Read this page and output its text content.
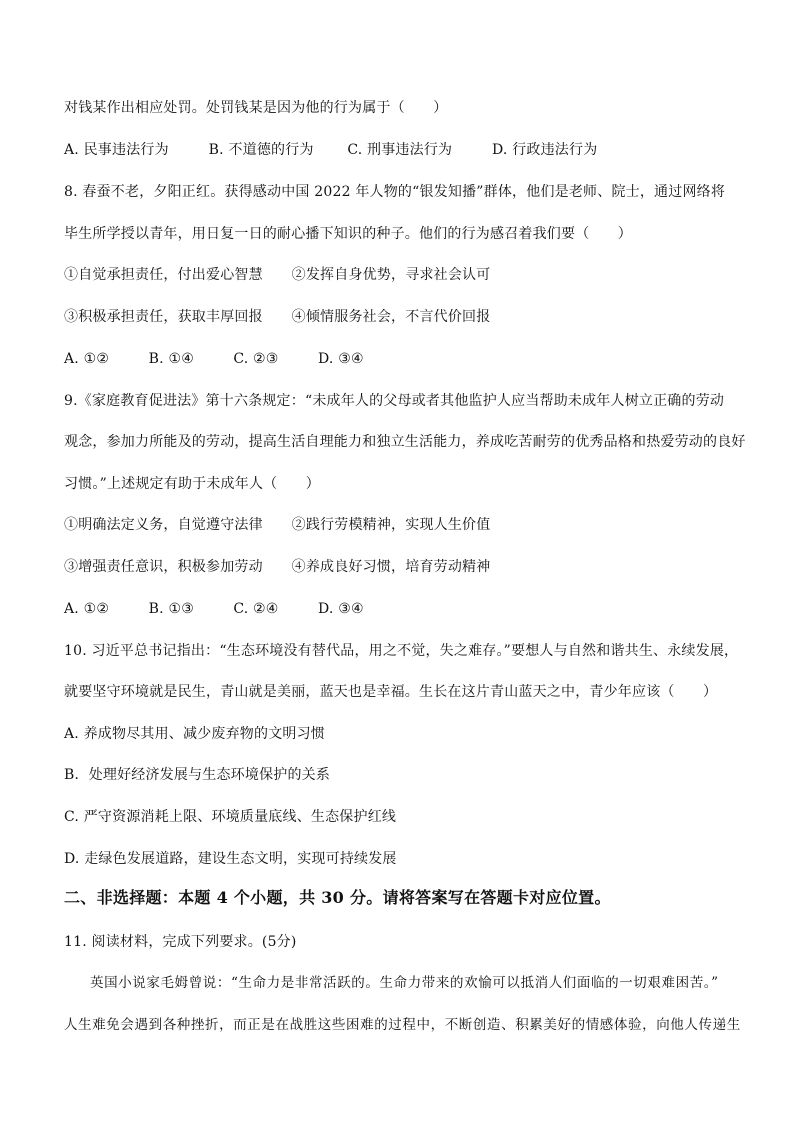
对钱某作出相应处罚。处罚钱某是因为他的行为属于（　　）
A. 民事违法行为	B. 不道德的行为 C. 刑事违法行为	D. 行政违法行为
8. 春蚕不老，夕阳正红。获得感动中国 2022 年人物的“银发知播”群体，他们是老师、院士，通过网络将
毕生所学授以青年，用日复一日的耐心播下知识的种子。他们的行为感召着我们要（　　）
①自觉承担责任，付出爱心智慧 ②发挥自身优势，寻求社会认可
③积极承担责任，获取丰厚回报 ④倾情服务社会，不言代价回报
A. ①②	B. ①④	C. ②③	D. ③④
9.《家庭教育促进法》第十六条规定：“未成年人的父母或者其他监护人应当帮助未成年人树立正确的劳动
观念，参加力所能及的劳动，提高生活自理能力和独立生活能力，养成吃苦耐劳的优秀品格和热爱劳动的良好
习惯。”上述规定有助于未成年人（　　）
①明确法定义务，自觉遵守法律 ②践行劳模精神，实现人生价值
③增强责任意识，积极参加劳动 ④养成良好习惯，培育劳动精神
A. ①②	B. ①③	C. ②④	D. ③④
10. 习近平总书记指出：“生态环境没有替代品，用之不觉，失之难存。”要想人与自然和谐共生、永续发展，
就要坚守环境就是民生，青山就是美丽，蓝天也是幸福。生长在这片青山蓝天之中，青少年应该（　　）
A. 养成物尽其用、减少废弃物的文明习惯
B．处理好经济发展与生态环境保护的关系
C. 严守资源消耗上限、环境质量底线、生态保护红线
D. 走绿色发展道路，建设生态文明，实现可持续发展
二、非选择题：本题 4 个小题，共 30 分。请将答案写在答题卡对应位置。
11. 阅读材料，完成下列要求。(5分)
英国小说家毛姆曾说：“生命力是非常活跃的。生命力带来的欢愉可以抵消人们面临的一切艰难困苦。”
人生难免会遇到各种挫折，而正是在战胜这些困难的过程中，不断创造、积累美好的情感体验，向他人传递生
